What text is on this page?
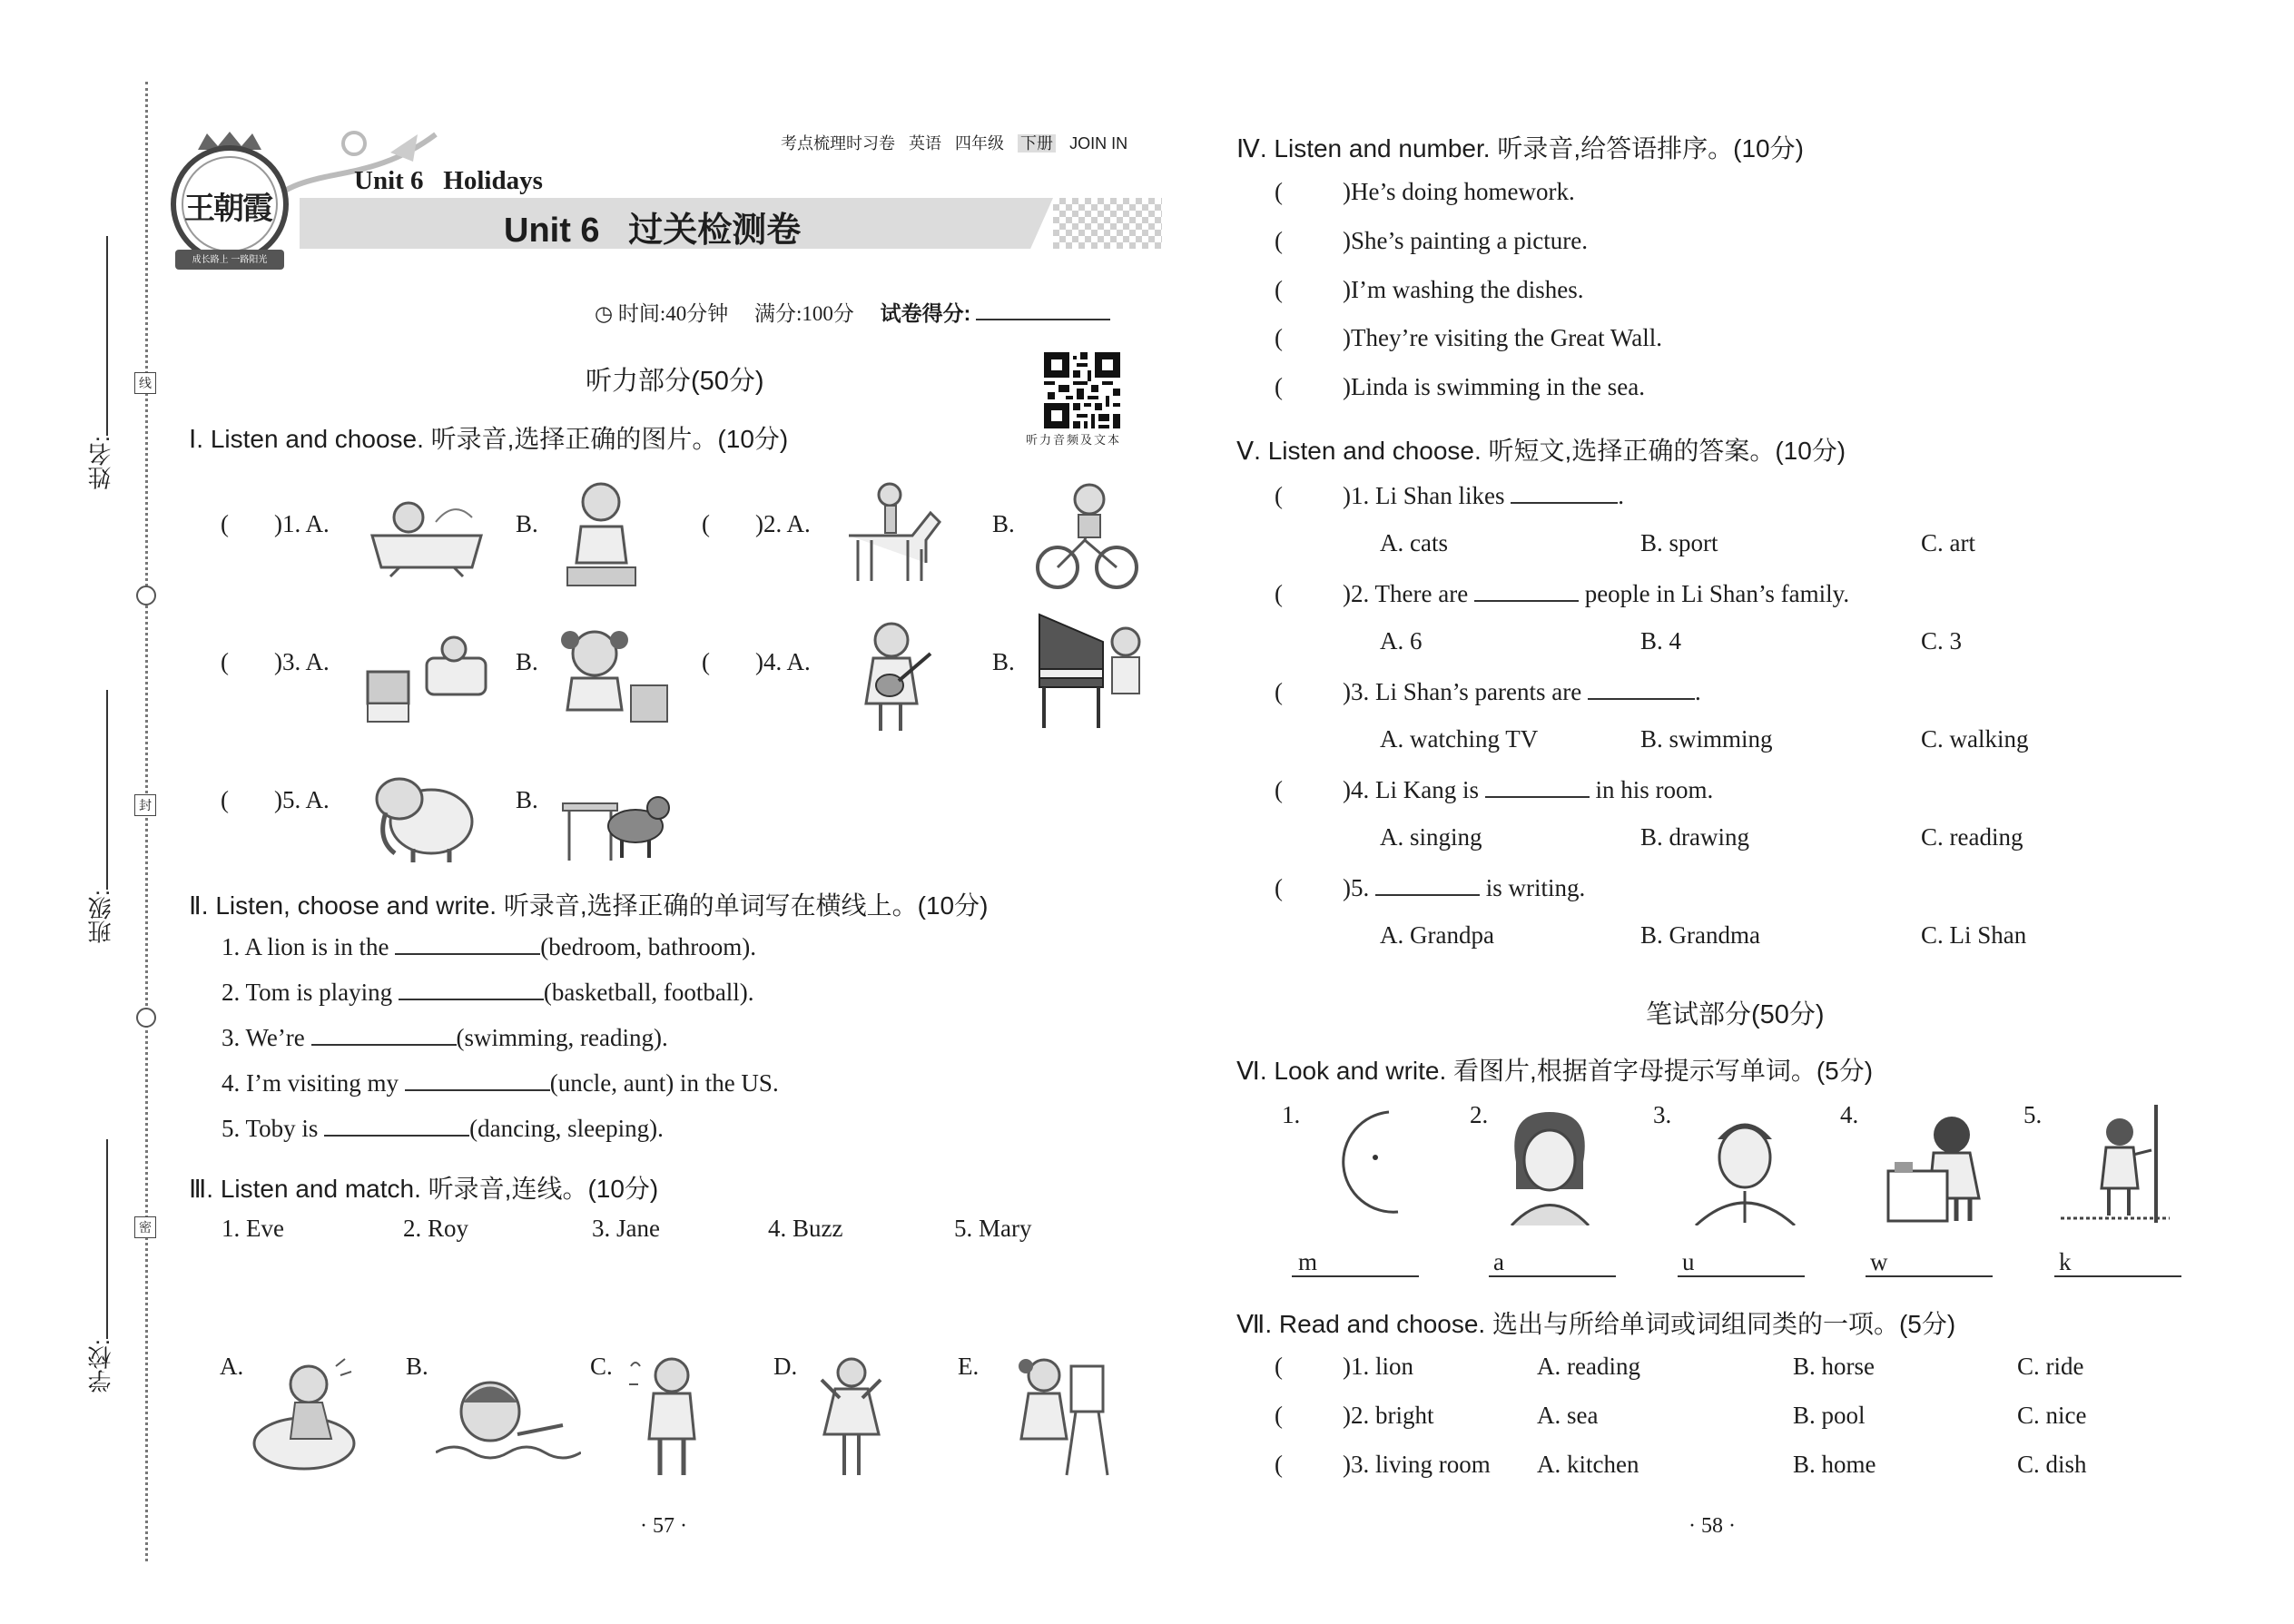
线
封
密
姓名:
班级:
学校:
考点梳理时习卷 英语 四年级 下册 JOIN IN
王朝霞
成长路上 一路阳光
Unit 6   Holidays
Unit 6 过关检测卷
◷ 时间:40分钟 满分:100分 试卷得分:
听力音频及文本
听力部分(50分)
Ⅰ. Listen and choose. 听录音,选择正确的图片。(10分)
( )1. A.	B.	( )2. A.	B.
( )3. A.	B.	( )4. A.	B.
( )5. A.	B.
Ⅱ. Listen, choose and write. 听录音,选择正确的单词写在横线上。(10分)
1. A lion is in the	(bedroom, bathroom).
2. Tom is playing	(basketball, football).
3. We’re	(swimming, reading).
4. I’m visiting my	(uncle, aunt) in the US.
5. Toby is	(dancing, sleeping).
Ⅲ. Listen and match. 听录音,连线。(10分)
1. Eve	2. Roy	3. Jane	4. Buzz	5. Mary
A.	B.	C.	D.	E.
· 57 ·
Ⅳ. Listen and number. 听录音,给答语排序。(10分)
( )He’s doing homework.
( )She’s painting a picture.
( )I’m washing the dishes.
( )They’re visiting the Great Wall.
( )Linda is swimming in the sea.
Ⅴ. Listen and choose. 听短文,选择正确的答案。(10分)
( )1. Li Shan likes	.
A. cats	B. sport	C. art
( )2. There are	people in Li Shan’s family.
A. 6	B. 4	C. 3
( )3. Li Shan’s parents are	.
A. watching TV	B. swimming	C. walking
( )4. Li Kang is	in his room.
A. singing	B. drawing	C. reading
( )5.	is writing.
A. Grandpa	B. Grandma	C. Li Shan
笔试部分(50分)
Ⅵ. Look and write. 看图片,根据首字母提示写单词。(5分)
1.	2.	3.	4.	5.
m	a	u	w	k
Ⅶ. Read and choose. 选出与所给单词或词组同类的一项。(5分)
( )1. lion	A. reading	B. horse	C. ride
( )2. bright	A. sea	B. pool	C. nice
( )3. living room A. kitchen	B. home	C. dish
· 58 ·
